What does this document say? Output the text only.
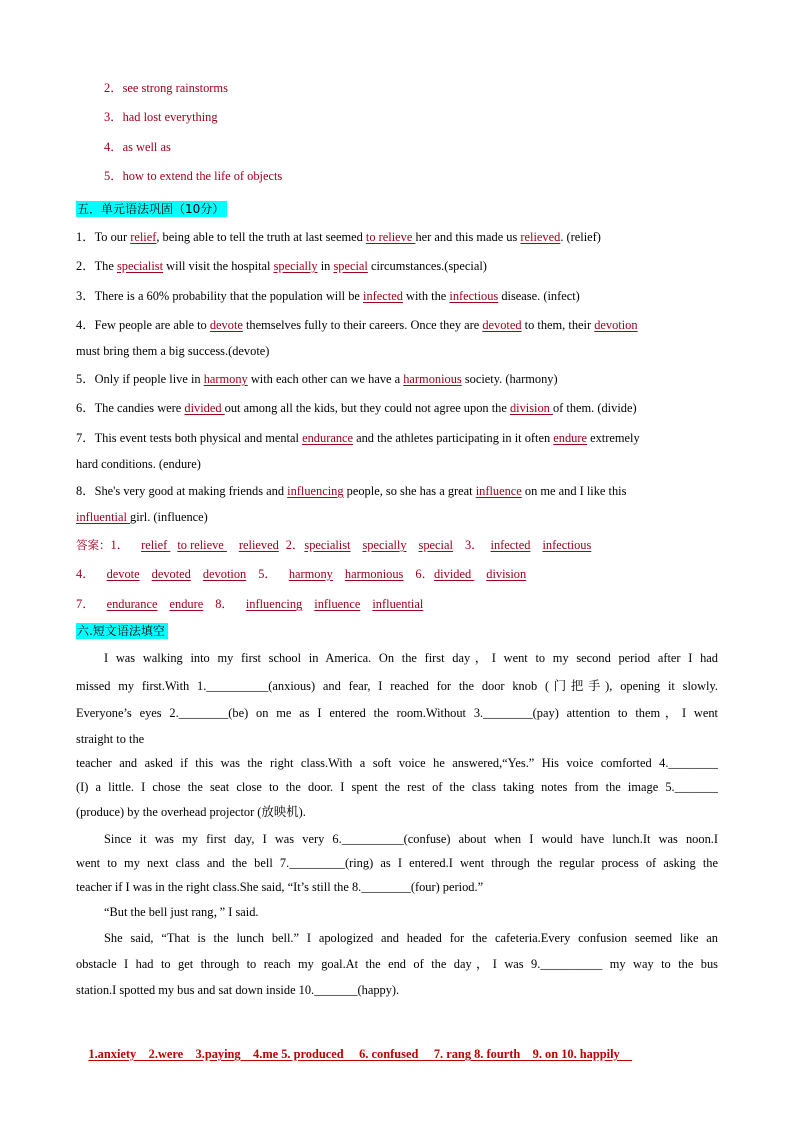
2．see strong rainstorms
3．had lost everything
4．as well as
5．how to extend the life of objects
五．单元语法巩固（10分）
1．To our relief, being able to tell the truth at last seemed to relieve her and this made us relieved. (relief)
2．The specialist will visit the hospital specially in special circumstances.(special)
3．There is a 60% probability that the population will be infected with the infectious disease. (infect)
4．Few people are able to devote themselves fully to their careers. Once they are devoted to them, their devotion
must bring them a big success.(devote)
5．Only if people live in harmony with each other can we have a harmonious society. (harmony)
6．The candies were divided out among all the kids, but they could not agree upon the division of them. (divide)
7．This event tests both physical and mental endurance and the athletes participating in it often endure extremely
hard conditions. (endure)
8．She's very good at making friends and influencing people, so she has a great influence on me and I like this
influential girl. (influence)
答案：1． relief to relieve relieved 2．specialist specially special 3． infected infectious
4． devote devoted devotion 5． harmony harmonious 6．divided division
7． endurance endure 8． influencing influence influential
六.短文语法填空
I was walking into my first school in America. On the first day，I went to my second period after I had
missed my first.With 1.__________(anxious) and fear, I reached for the door knob (门把手), opening it slowly.
Everyone’s eyes 2.________(be) on me as I entered the room.Without 3.________(pay) attention to them，I went
straight to the
teacher and asked if this was the right class.With a soft voice he answered,“Yes.” His voice comforted 4.________
(I) a little. I chose the seat close to the door. I spent the rest of the class taking notes from the image 5._______
(produce) by the overhead projector (放映机).
Since it was my first day, I was very 6.__________(confuse) about when I would have lunch.It was noon.I
went to my next class and the bell 7._________(ring) as I entered.I went through the regular process of asking the
teacher if I was in the right class.She said, “It’s still the 8.________(four) period.”
“But the bell just rang，” I said.
She said, “That is the lunch bell.” I apologized and headed for the cafeteria.Every confusion seemed like an
obstacle I had to get through to reach my goal.At the end of the day，I was 9.__________ my way to the bus
station.I spotted my bus and sat down inside 10._______(happy).

1.anxiety    2.were    3.paying    4.me 5. produced     6. confused     7. rang 8. fourth    9. on 10. happily
